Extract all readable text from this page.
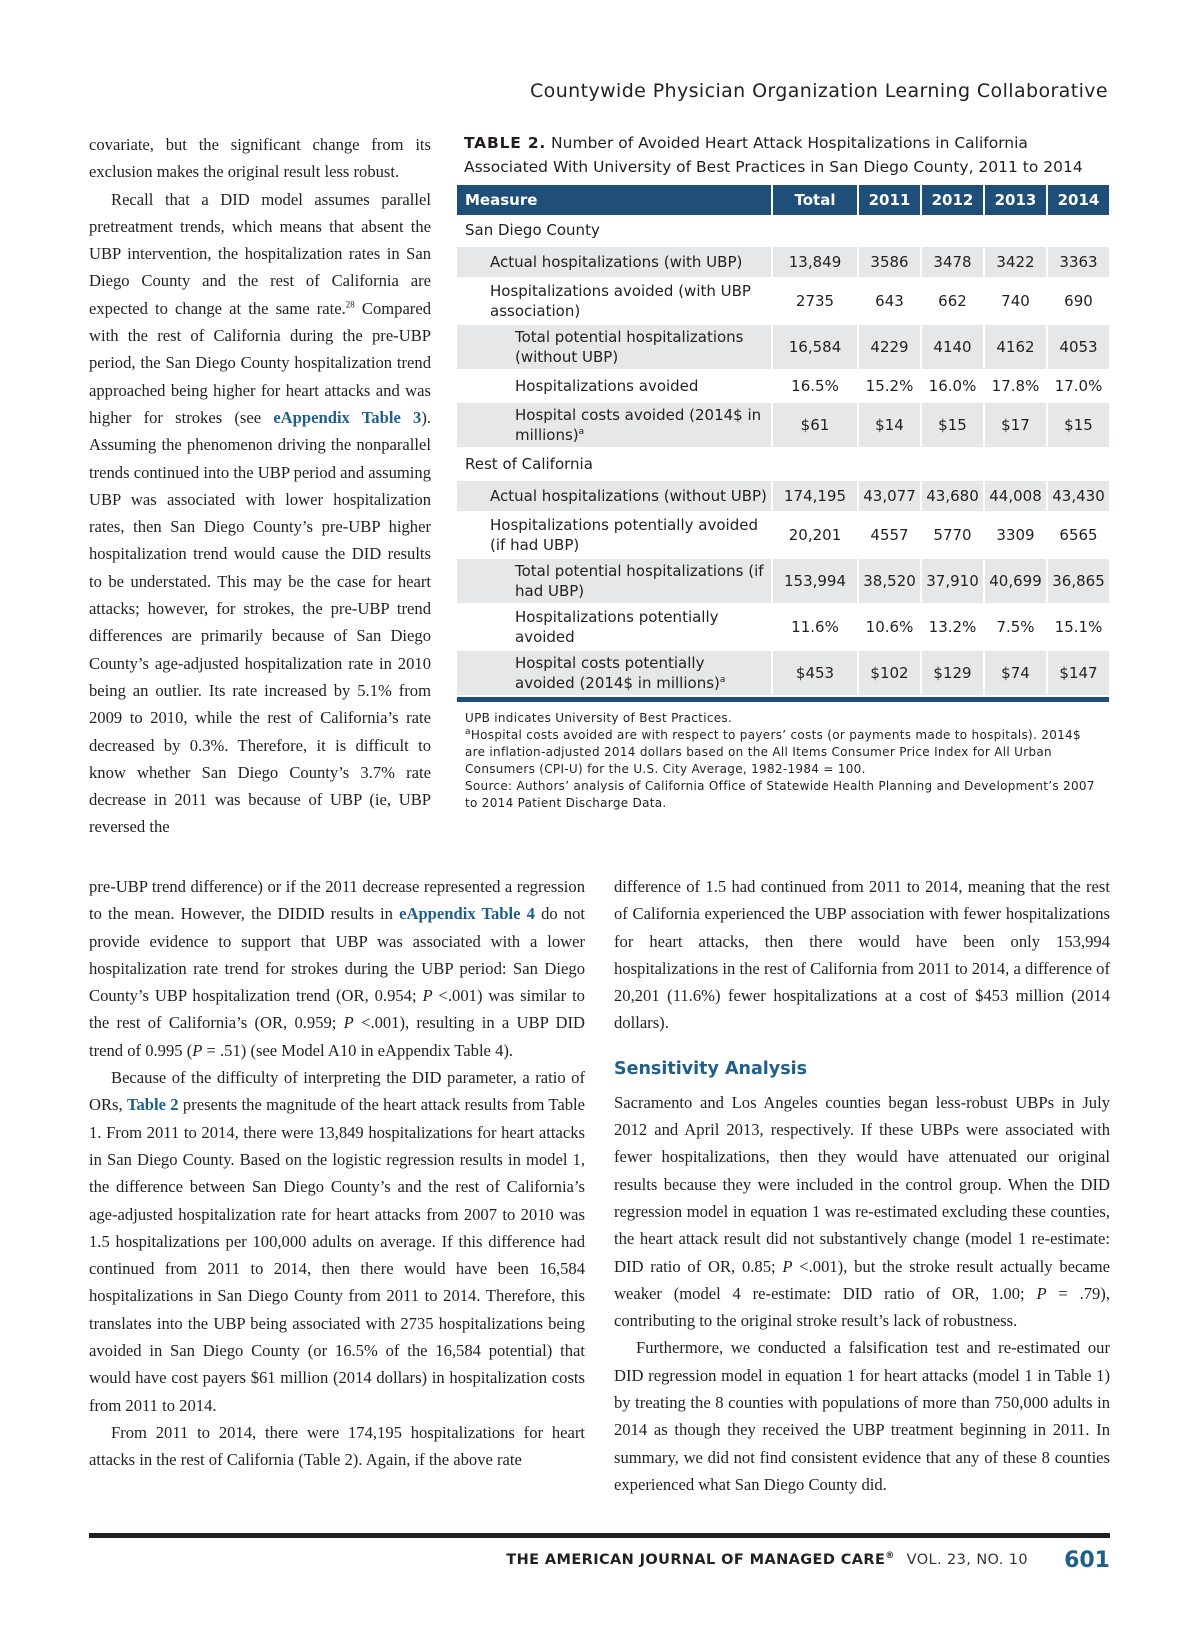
Countywide Physician Organization Learning Collaborative

covariate, but the significant change from its exclusion makes the original result less robust.

Recall that a DID model assumes parallel pretreatment trends, which means that absent the UBP intervention, the hospitalization rates in San Diego County and the rest of California are expected to change at the same rate.$^{28}$ Compared with the rest of California during the pre-UBP period, the San Diego County hospitalization trend approached being higher for heart attacks and was higher for strokes (see eAppendix Table 3). Assuming the phenomenon driving the nonparallel trends continued into the UBP period and assuming UBP was associated with lower hospitalization rates, then San Diego County’s pre-UBP higher hospitalization trend would cause the DID results to be understated. This may be the case for heart attacks; however, for strokes, the pre-UBP trend differences are primarily because of San Diego County’s age-adjusted hospitalization rate in 2010 being an outlier. Its rate increased by 5.1% from 2009 to 2010, while the rest of California’s rate decreased by 0.3%. Therefore, it is difficult to know whether San Diego County’s 3.7% rate decrease in 2011 was because of UBP (ie, UBP reversed the

TABLE 2. Number of Avoided Heart Attack Hospitalizations in California Associated With University of Best Practices in San Diego County, 2011 to 2014
Measure	Total	2011	2012	2013	2014
San Diego County					
Actual hospitalizations (with UBP)	13,849	3586	3478	3422	3363
Hospitalizations avoided (with UBP association)	2735	643	662	740	690
Total potential hospitalizations (without UBP)	16,584	4229	4140	4162	4053
Hospitalizations avoided	16.5%	15.2%	16.0%	17.8%	17.0%
Hospital costs avoided (2014$ in millions)$^a$	$61	$14	$15	$17	$15
Rest of California					
Actual hospitalizations (without UBP)	174,195	43,077	43,680	44,008	43,430
Hospitalizations potentially avoided (if had UBP)	20,201	4557	5770	3309	6565
Total potential hospitalizations (if had UBP)	153,994	38,520	37,910	40,699	36,865
Hospitalizations potentially avoided	11.6%	10.6%	13.2%	7.5%	15.1%
Hospital costs potentially avoided (2014$ in millions)$^a$	$453	$102	$129	$74	$147

UPB indicates University of Best Practices.

$^a$Hospital costs avoided are with respect to payers’ costs (or payments made to hospitals). 2014$ are inflation-adjusted 2014 dollars based on the All Items Consumer Price Index for All Urban Consumers (CPI-U) for the U.S. City Average, 1982-1984 = 100.

Source: Authors’ analysis of California Office of Statewide Health Planning and Development’s 2007 to 2014 Patient Discharge Data.

pre-UBP trend difference) or if the 2011 decrease represented a regression to the mean. However, the DIDID results in eAppendix Table 4 do not provide evidence to support that UBP was associated with a lower hospitalization rate trend for strokes during the UBP period: San Diego County’s UBP hospitalization trend (OR, 0.954; P <.001) was similar to the rest of California’s (OR, 0.959; P <.001), resulting in a UBP DID trend of 0.995 (P = .51) (see Model A10 in eAppendix Table 4).

Because of the difficulty of interpreting the DID parameter, a ratio of ORs, Table 2 presents the magnitude of the heart attack results from Table 1. From 2011 to 2014, there were 13,849 hospitalizations for heart attacks in San Diego County. Based on the logistic regression results in model 1, the difference between San Diego County’s and the rest of California’s age-adjusted hospitalization rate for heart attacks from 2007 to 2010 was 1.5 hospitalizations per 100,000 adults on average. If this difference had continued from 2011 to 2014, then there would have been 16,584 hospitalizations in San Diego County from 2011 to 2014. Therefore, this translates into the UBP being associated with 2735 hospitalizations being avoided in San Diego County (or 16.5% of the 16,584 potential) that would have cost payers $61 million (2014 dollars) in hospitalization costs from 2011 to 2014.

From 2011 to 2014, there were 174,195 hospitalizations for heart attacks in the rest of California (Table 2). Again, if the above rate

difference of 1.5 had continued from 2011 to 2014, meaning that the rest of California experienced the UBP association with fewer hospitalizations for heart attacks, then there would have been only 153,994 hospitalizations in the rest of California from 2011 to 2014, a difference of 20,201 (11.6%) fewer hospitalizations at a cost of $453 million (2014 dollars).

Sensitivity Analysis

Sacramento and Los Angeles counties began less-robust UBPs in July 2012 and April 2013, respectively. If these UBPs were associated with fewer hospitalizations, then they would have attenuated our original results because they were included in the control group. When the DID regression model in equation 1 was re-estimated excluding these counties, the heart attack result did not substantively change (model 1 re-estimate: DID ratio of OR, 0.85; P <.001), but the stroke result actually became weaker (model 4 re-estimate: DID ratio of OR, 1.00; P = .79), contributing to the original stroke result’s lack of robustness.

Furthermore, we conducted a falsification test and re-estimated our DID regression model in equation 1 for heart attacks (model 1 in Table 1) by treating the 8 counties with populations of more than 750,000 adults in 2014 as though they received the UBP treatment beginning in 2011. In summary, we did not find consistent evidence that any of these 8 counties experienced what San Diego County did.

THE AMERICAN JOURNAL OF MANAGED CARE® VOL. 23, NO. 10 601
